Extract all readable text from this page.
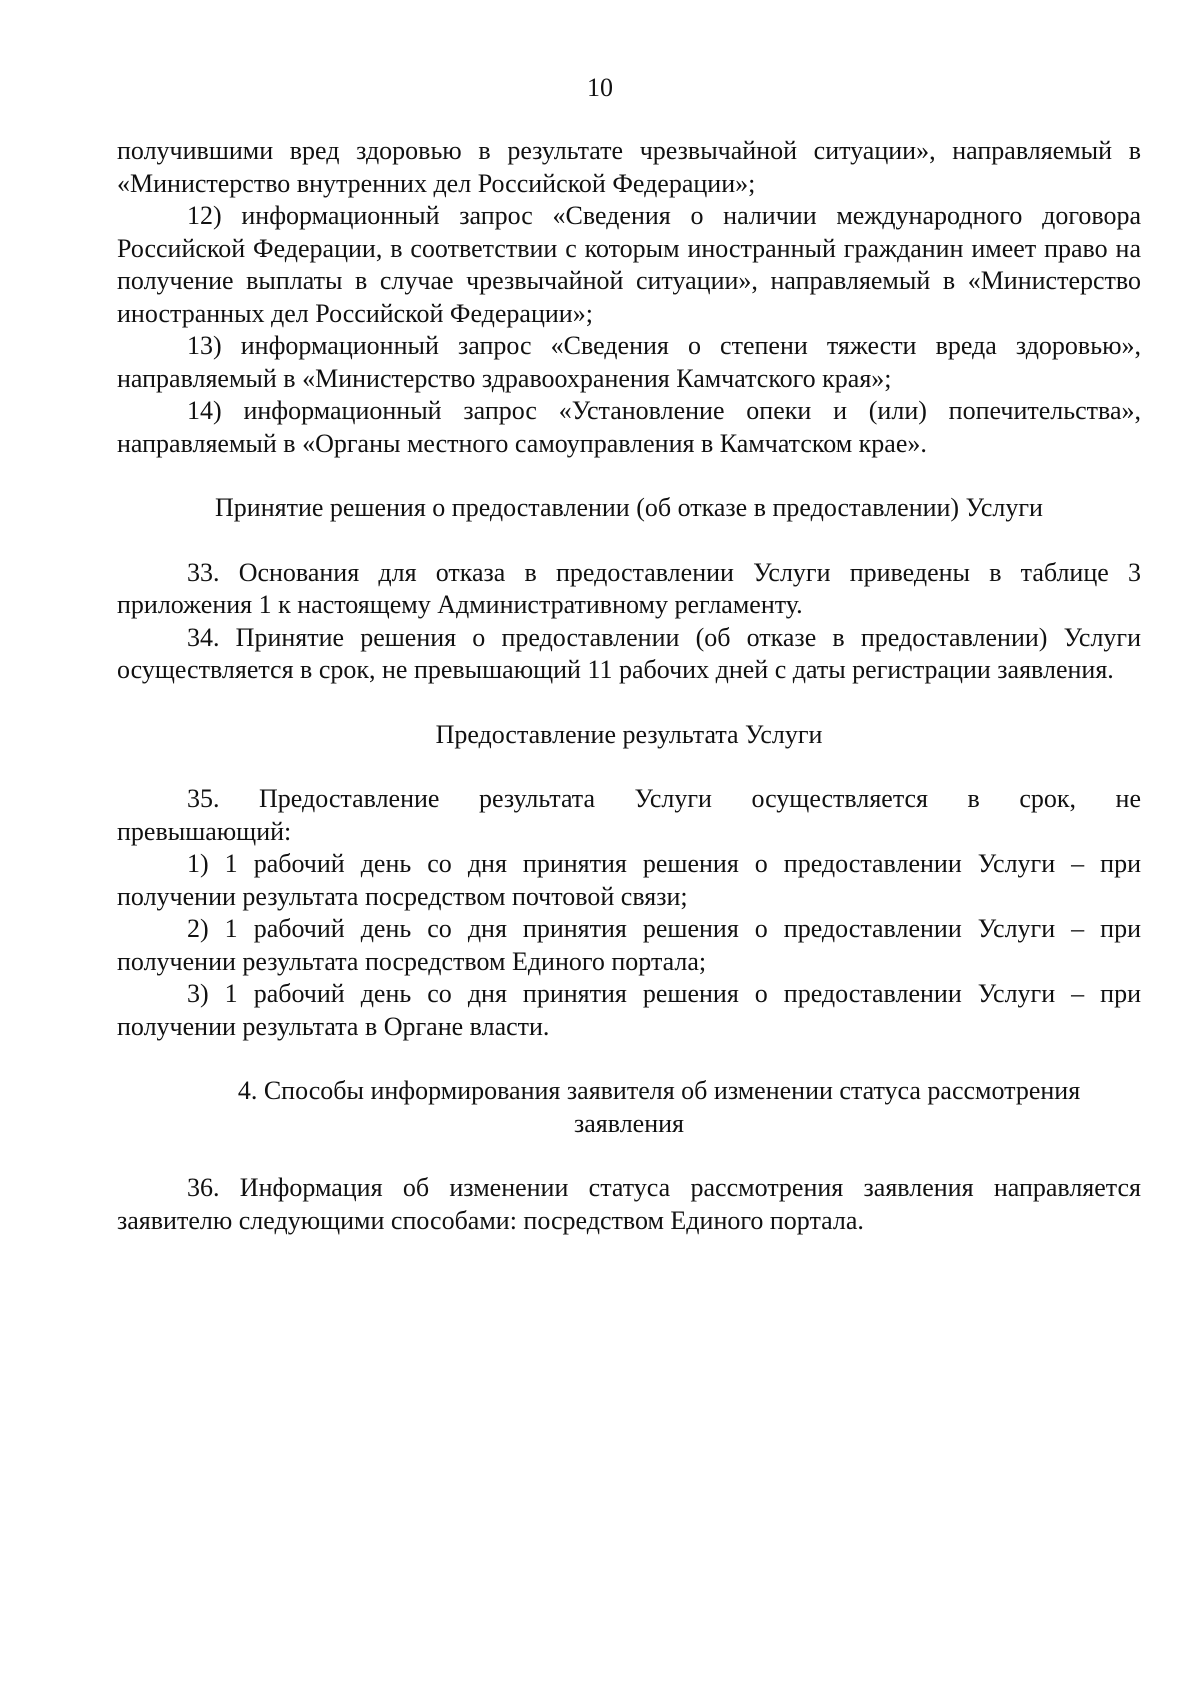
10

получившими вред здоровью в результате чрезвычайной ситуации», направляемый в «Министерство внутренних дел Российской Федерации»;

12) информационный запрос «Сведения о наличии международного договора Российской Федерации, в соответствии с которым иностранный гражданин имеет право на получение выплаты в случае чрезвычайной ситуации», направляемый в «Министерство иностранных дел Российской Федерации»;

13) информационный запрос «Сведения о степени тяжести вреда здоровью», направляемый в «Министерство здравоохранения Камчатского края»;

14) информационный запрос «Установление опеки и (или) попечительства», направляемый в «Органы местного самоуправления в Камчатском крае».

Принятие решения о предоставлении (об отказе в предоставлении) Услуги

33. Основания для отказа в предоставлении Услуги приведены в таблице 3 приложения 1 к настоящему Административному регламенту.

34. Принятие решения о предоставлении (об отказе в предоставлении) Услуги осуществляется в срок, не превышающий 11 рабочих дней с даты регистрации заявления.

Предоставление результата Услуги

35. Предоставление результата Услуги осуществляется в срок, не

превышающий:

1) 1 рабочий день со дня принятия решения о предоставлении Услуги – при получении результата посредством почтовой связи;

2) 1 рабочий день со дня принятия решения о предоставлении Услуги – при получении результата посредством Единого портала;

3) 1 рабочий день со дня принятия решения о предоставлении Услуги – при получении результата в Органе власти.

4. Способы информирования заявителя об изменении статуса рассмотрения

заявления

36. Информация об изменении статуса рассмотрения заявления направляется заявителю следующими способами: посредством Единого портала.
